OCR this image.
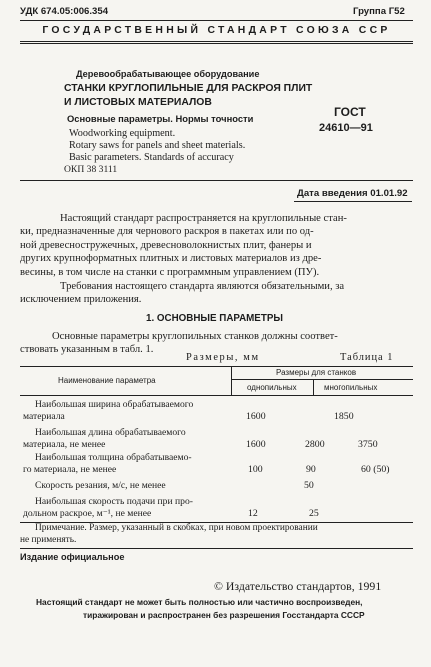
УДК 674.05:006.354	Группа Г52
ГОСУДАРСТВЕННЫЙ СТАНДАРТ СОЮЗА ССР
Деревообрабатывающее оборудование
СТАНКИ КРУГЛОПИЛЬНЫЕ ДЛЯ РАСКРОЯ ПЛИТ
И ЛИСТОВЫХ МАТЕРИАЛОВ
Основные параметры. Нормы точности
Woodworking equipment.
Rotary saws for panels and sheet materials.
Basic parameters. Standards of accuracy
ГОСТ
24610—91
ОКП 38 3111
Дата введения 01.01.92
Настоящий стандарт распространяется на круглопильные стан-
ки, предназначенные для чернового раскроя в пакетах или по од-
ной древесностружечных, древесноволокнистых плит, фанеры и
других крупноформатных плитных и листовых материалов из дре-
весины, в том числе на станки с программным управлением (ПУ).
Требования настоящего стандарта являются обязательными, за
исключением приложения.
1. ОСНОВНЫЕ ПАРАМЕТРЫ
Основные параметры круглопильных станков должны соответ-
ствовать указанным в табл. 1.
Размеры, мм	Таблица 1
Наименование параметра
Размеры для станков
однопильных	многопильных
Наибольшая ширина обрабатываемого
материала	1600	1850
Наибольшая длина обрабатываемого
материала, не менее	1600	2800	3750
Наибольшая толщина обрабатываемо-
го материала, не менее	100	90	60 (50)
Скорость резания, м/с, не менее	50
Наибольшая скорость подачи при про-
дольном раскрое, м⁻¹, не менее	12	25
Примечание. Размер, указанный в скобках, при новом проектировании
не применять.
Издание официальное
© Издательство стандартов, 1991
Настоящий стандарт не может быть полностью или частично воспроизведен,
тиражирован и распространен без разрешения Госстандарта СССР
